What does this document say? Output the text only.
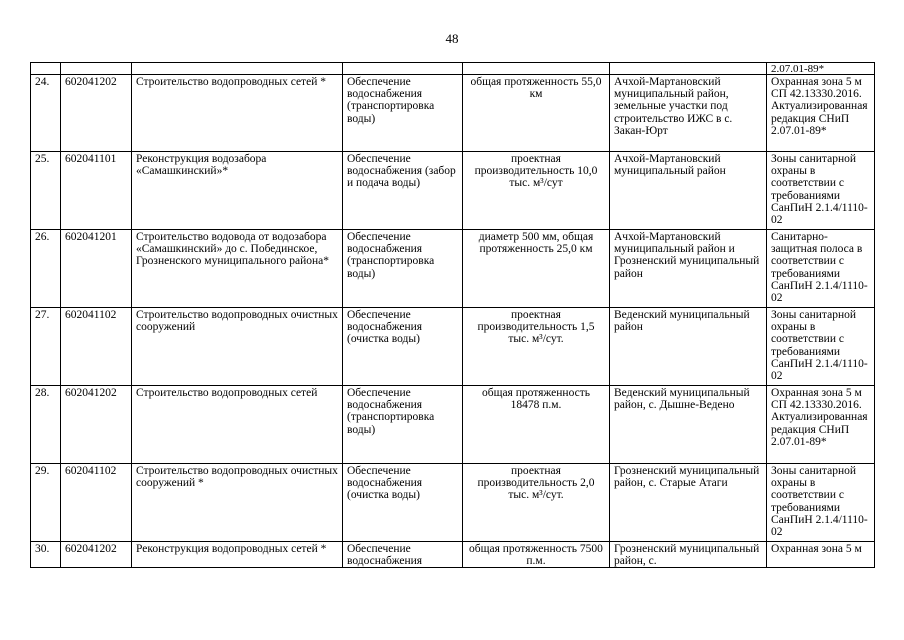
48
						2.07.01-89*
24.	602041202	Строительство водопроводных сетей *	Обеспечение водоснабжения (транспортировка воды)	общая протяженность 55,0 км	Ачхой-Мартановский муниципальный район, земельные участки под строительство ИЖС в с. Закан-Юрт	Охранная зона 5 м СП 42.13330.2016. Актуализированная редакция СНиП 2.07.01-89*
25.	602041101	Реконструкция водозабора «Самашкинский»*	Обеспечение водоснабжения (забор и подача воды)	проектная производительность 10,0 тыс. м³/сут	Ачхой-Мартановский муниципальный район	Зоны санитарной охраны в соответствии с требованиями СанПиН 2.1.4/1110-02
26.	602041201	Строительство водовода от водозабора «Самашкинский» до с. Побединское, Грозненского муниципального района*	Обеспечение водоснабжения (транспортировка воды)	диаметр 500 мм, общая протяженность 25,0 км	Ачхой-Мартановский муниципальный район и Грозненский муниципальный район	Санитарно-защитная полоса в соответствии с требованиями СанПиН 2.1.4/1110-02
27.	602041102	Строительство водопроводных очистных сооружений	Обеспечение водоснабжения (очистка воды)	проектная производительность 1,5 тыс. м³/сут.	Веденский муниципальный район	Зоны санитарной охраны в соответствии с требованиями СанПиН 2.1.4/1110-02
28.	602041202	Строительство водопроводных сетей	Обеспечение водоснабжения (транспортировка воды)	общая протяженность 18478 п.м.	Веденский муниципальный район, с. Дышне-Ведено	Охранная зона 5 м СП 42.13330.2016. Актуализированная редакция СНиП 2.07.01-89*
29.	602041102	Строительство водопроводных очистных сооружений *	Обеспечение водоснабжения (очистка воды)	проектная производительность 2,0 тыс. м³/сут.	Грозненский муниципальный район, с. Старые Атаги	Зоны санитарной охраны в соответствии с требованиями СанПиН 2.1.4/1110-02
30.	602041202	Реконструкция водопроводных сетей *	Обеспечение водоснабжения	общая протяженность 7500 п.м.	Грозненский муниципальный район, с.	Охранная зона 5 м
